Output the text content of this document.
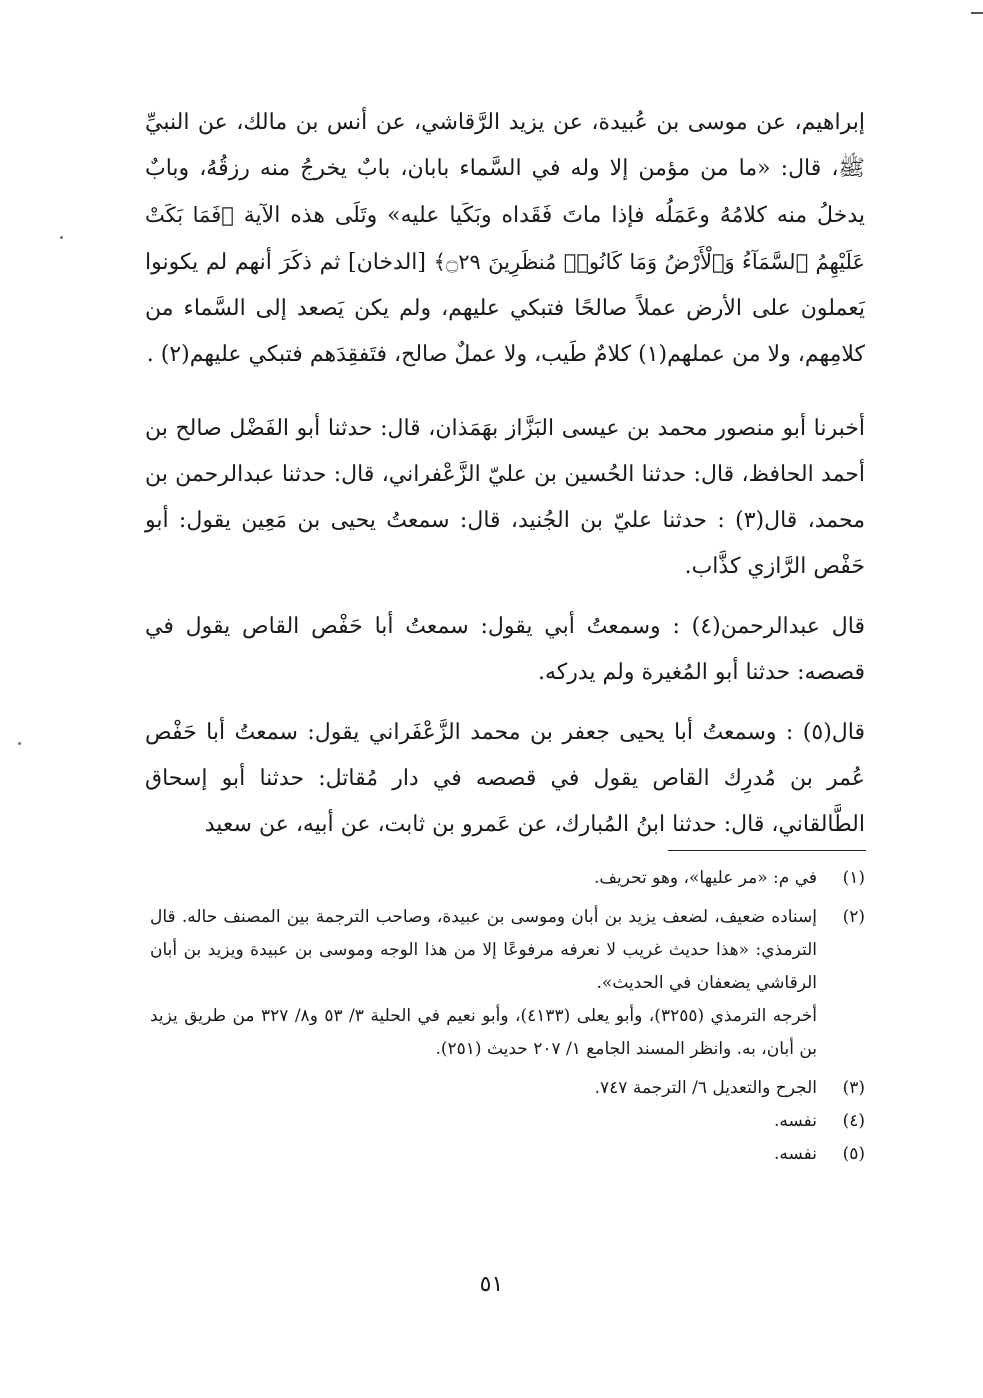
إبراهيم، عن موسى بن عُبيدة، عن يزيد الرَّقاشي، عن أنس بن مالك، عن النبيِّ ﷺ، قال: «ما من مؤمن إلا وله في السَّماء بابان، بابٌ يخرجُ منه رزقُهُ، وبابٌ يدخلُ منه كلامُهُ وعَمَلُه فإذا ماتَ فَقَداه وبَكَيا عليه» وتَلَى هذه الآية ﴿فَمَا بَكَتْ عَلَيْهِمُ ٱلسَّمَآءُ وَٱلْأَرْضُ وَمَا كَانُوا۟ مُنظَرِينَ ۝٢٩﴾ [الدخان] ثم ذكَرَ أنهم لم يكونوا يَعملون على الأرض عملاً صالحًا فتبكي عليهم، ولم يكن يَصعد إلى السَّماء من كلامِهم، ولا من عملهم(١) كلامٌ طَيب، ولا عملٌ صالح، فتَفقِدَهم فتبكي عليهم(٢) .

أخبرنا أبو منصور محمد بن عيسى البَزَّاز بهَمَذان، قال: حدثنا أبو الفَضْل صالح بن أحمد الحافظ، قال: حدثنا الحُسين بن عليّ الزَّعْفراني، قال: حدثنا عبدالرحمن بن محمد، قال(٣) : حدثنا عليّ بن الجُنيد، قال: سمعتُ يحيى بن مَعِين يقول: أبو حَفْص الرَّازي كذَّاب.

قال عبدالرحمن(٤) : وسمعتُ أبي يقول: سمعتُ أبا حَفْص القاص يقول في قصصه: حدثنا أبو المُغيرة ولم يدركه.

قال(٥) : وسمعتُ أبا يحيى جعفر بن محمد الزَّعْفَراني يقول: سمعتُ أبا حَفْص عُمر بن مُدرِك القاص يقول في قصصه في دار مُقاتل: حدثنا أبو إسحاق الطَّالقاني، قال: حدثنا ابنُ المُبارك، عن عَمرو بن ثابت، عن أبيه، عن سعيد

(١)
في م: «مر عليها»، وهو تحريف.
(٢)
إسناده ضعيف، لضعف يزيد بن أبان وموسى بن عبيدة، وصاحب الترجمة بين المصنف حاله. قال الترمذي: «هذا حديث غريب لا نعرفه مرفوعًا إلا من هذا الوجه وموسى بن عبيدة ويزيد بن أبان الرقاشي يضعفان في الحديث».
أخرجه الترمذي (٣٢٥٥)، وأبو يعلى (٤١٣٣)، وأبو نعيم في الحلية ٣/ ٥٣ و٨/ ٣٢٧ من طريق يزيد بن أبان، به. وانظر المسند الجامع ١/ ٢٠٧ حديث (٢٥١).
(٣)
الجرح والتعديل ٦/ الترجمة ٧٤٧.
(٤)
نفسه.
(٥)
نفسه.
٥١
